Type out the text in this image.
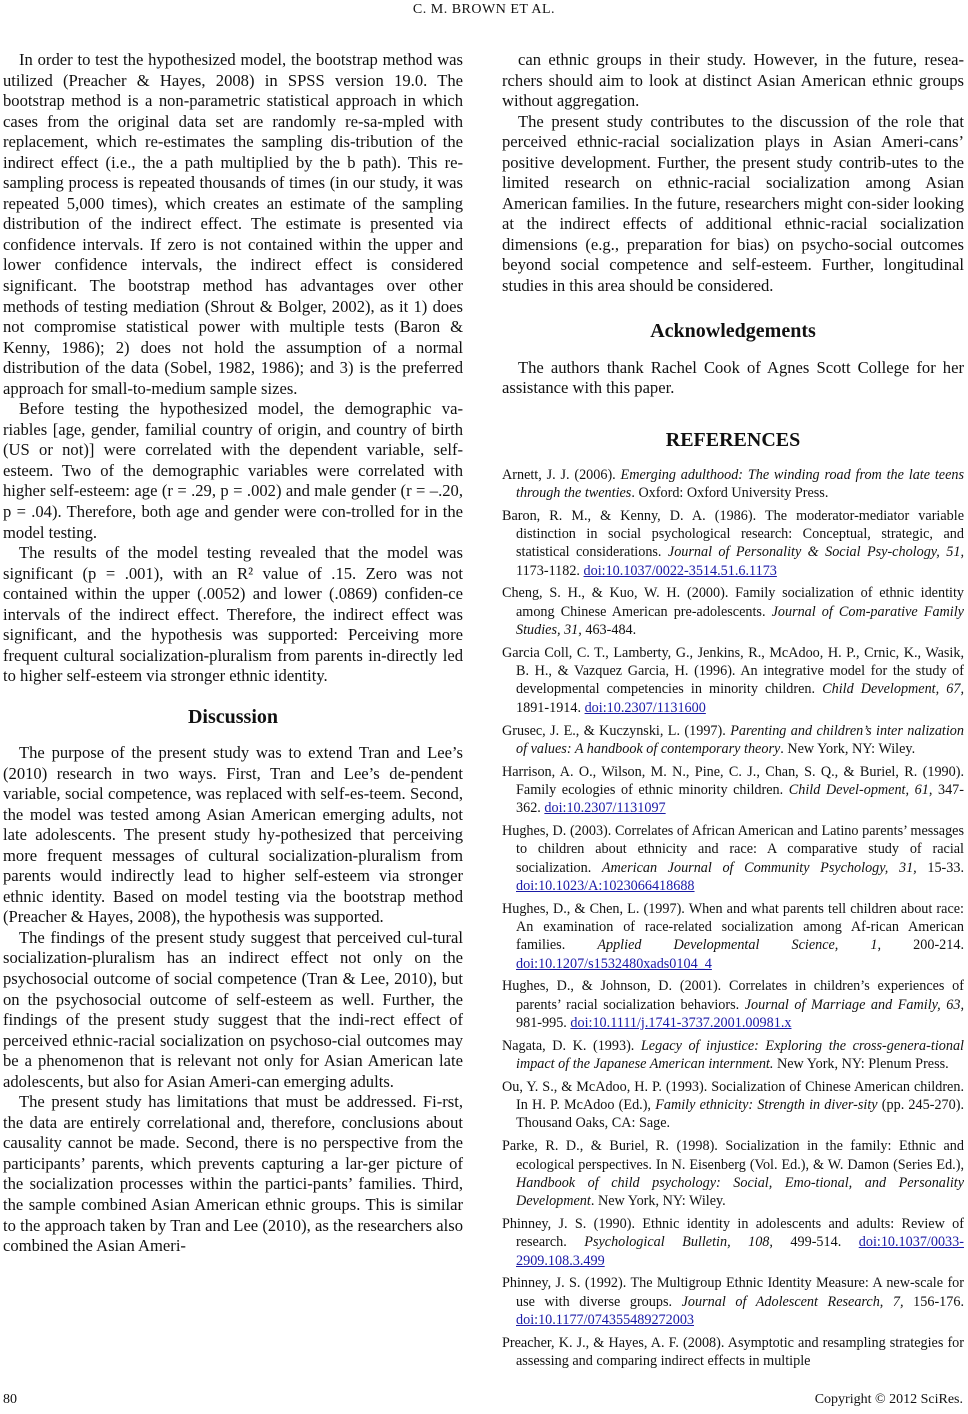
C. M. BROWN ET AL.

In order to test the hypothesized model, the bootstrap method was utilized (Preacher & Hayes, 2008) in SPSS version 19.0. The bootstrap method is a non-parametric statistical approach in which cases from the original data set are randomly re-sa-mpled with replacement, which re-estimates the sampling dis-tribution of the indirect effect (i.e., the a path multiplied by the b path). This re-sampling process is repeated thousands of times (in our study, it was repeated 5,000 times), which creates an estimate of the sampling distribution of the indirect effect. The estimate is presented via confidence intervals. If zero is not contained within the upper and lower confidence intervals, the indirect effect is considered significant. The bootstrap method has advantages over other methods of testing mediation (Shrout & Bolger, 2002), as it 1) does not compromise statistical power with multiple tests (Baron & Kenny, 1986); 2) does not hold the assumption of a normal distribution of the data (Sobel, 1982, 1986); and 3) is the preferred approach for small-to-medium sample sizes.

Before testing the hypothesized model, the demographic va-riables [age, gender, familial country of origin, and country of birth (US or not)] were correlated with the dependent variable, self-esteem. Two of the demographic variables were correlated with higher self-esteem: age (r = .29, p = .002) and male gender (r = –.20, p = .04). Therefore, both age and gender were con-trolled for in the model testing.

The results of the model testing revealed that the model was significant (p = .001), with an R² value of .15. Zero was not contained within the upper (.0052) and lower (.0869) confiden-ce intervals of the indirect effect. Therefore, the indirect effect was significant, and the hypothesis was supported: Perceiving more frequent cultural socialization-pluralism from parents in-directly led to higher self-esteem via stronger ethnic identity.

Discussion

The purpose of the present study was to extend Tran and Lee’s (2010) research in two ways. First, Tran and Lee’s de-pendent variable, social competence, was replaced with self-es-teem. Second, the model was tested among Asian American emerging adults, not late adolescents. The present study hy-pothesized that perceiving more frequent messages of cultural socialization-pluralism from parents would indirectly lead to higher self-esteem via stronger ethnic identity. Based on model testing via the bootstrap method (Preacher & Hayes, 2008), the hypothesis was supported.

The findings of the present study suggest that perceived cul-tural socialization-pluralism has an indirect effect not only on the psychosocial outcome of social competence (Tran & Lee, 2010), but on the psychosocial outcome of self-esteem as well. Further, the findings of the present study suggest that the indi-rect effect of perceived ethnic-racial socialization on psychoso-cial outcomes may be a phenomenon that is relevant not only for Asian American late adolescents, but also for Asian Ameri-can emerging adults.

The present study has limitations that must be addressed. Fi-rst, the data are entirely correlational and, therefore, conclusions about causality cannot be made. Second, there is no perspective from the participants’ parents, which prevents capturing a lar-ger picture of the socialization processes within the partici-pants’ families. Third, the sample combined Asian American ethnic groups. This is similar to the approach taken by Tran and Lee (2010), as the researchers also combined the Asian Ameri-

can ethnic groups in their study. However, in the future, resea-rchers should aim to look at distinct Asian American ethnic groups without aggregation.

The present study contributes to the discussion of the role that perceived ethnic-racial socialization plays in Asian Ameri-cans’ positive development. Further, the present study contrib-utes to the limited research on ethnic-racial socialization among Asian American families. In the future, researchers might con-sider looking at the indirect effects of additional ethnic-racial socialization dimensions (e.g., preparation for bias) on psycho-social outcomes beyond social competence and self-esteem. Further, longitudinal studies in this area should be considered.

Acknowledgements

The authors thank Rachel Cook of Agnes Scott College for her assistance with this paper.

REFERENCES

Arnett, J. J. (2006). Emerging adulthood: The winding road from the late teens through the twenties. Oxford: Oxford University Press.

Baron, R. M., & Kenny, D. A. (1986). The moderator-mediator variable distinction in social psychological research: Conceptual, strategic, and statistical considerations. Journal of Personality & Social Psy-chology, 51, 1173-1182. doi:10.1037/0022-3514.51.6.1173

Cheng, S. H., & Kuo, W. H. (2000). Family socialization of ethnic identity among Chinese American pre-adolescents. Journal of Com-parative Family Studies, 31, 463-484.

Garcia Coll, C. T., Lamberty, G., Jenkins, R., McAdoo, H. P., Crnic, K., Wasik, B. H., & Vazquez Garcia, H. (1996). An integrative model for the study of developmental competencies in minority children. Child Development, 67, 1891-1914. doi:10.2307/1131600

Grusec, J. E., & Kuczynski, L. (1997). Parenting and children’s inter nalization of values: A handbook of contemporary theory. New York, NY: Wiley.

Harrison, A. O., Wilson, M. N., Pine, C. J., Chan, S. Q., & Buriel, R. (1990). Family ecologies of ethnic minority children. Child Devel-opment, 61, 347-362. doi:10.2307/1131097

Hughes, D. (2003). Correlates of African American and Latino parents’ messages to children about ethnicity and race: A comparative study of racial socialization. American Journal of Community Psychology, 31, 15-33. doi:10.1023/A:1023066418688

Hughes, D., & Chen, L. (1997). When and what parents tell children about race: An examination of race-related socialization among Af-rican American families. Applied Developmental Science, 1, 200-214. doi:10.1207/s1532480xads0104_4

Hughes, D., & Johnson, D. (2001). Correlates in children’s experiences of parents’ racial socialization behaviors. Journal of Marriage and Family, 63, 981-995. doi:10.1111/j.1741-3737.2001.00981.x

Nagata, D. K. (1993). Legacy of injustice: Exploring the cross-genera-tional impact of the Japanese American internment. New York, NY: Plenum Press.

Ou, Y. S., & McAdoo, H. P. (1993). Socialization of Chinese American children. In H. P. McAdoo (Ed.), Family ethnicity: Strength in diver-sity (pp. 245-270). Thousand Oaks, CA: Sage.

Parke, R. D., & Buriel, R. (1998). Socialization in the family: Ethnic and ecological perspectives. In N. Eisenberg (Vol. Ed.), & W. Damon (Series Ed.), Handbook of child psychology: Social, Emo-tional, and Personality Development. New York, NY: Wiley.

Phinney, J. S. (1990). Ethnic identity in adolescents and adults: Review of research. Psychological Bulletin, 108, 499-514. doi:10.1037/0033-2909.108.3.499

Phinney, J. S. (1992). The Multigroup Ethnic Identity Measure: A new-scale for use with diverse groups. Journal of Adolescent Research, 7, 156-176. doi:10.1177/074355489272003

Preacher, K. J., & Hayes, A. F. (2008). Asymptotic and resampling strategies for assessing and comparing indirect effects in multiple

80	Copyright © 2012 SciRes.
